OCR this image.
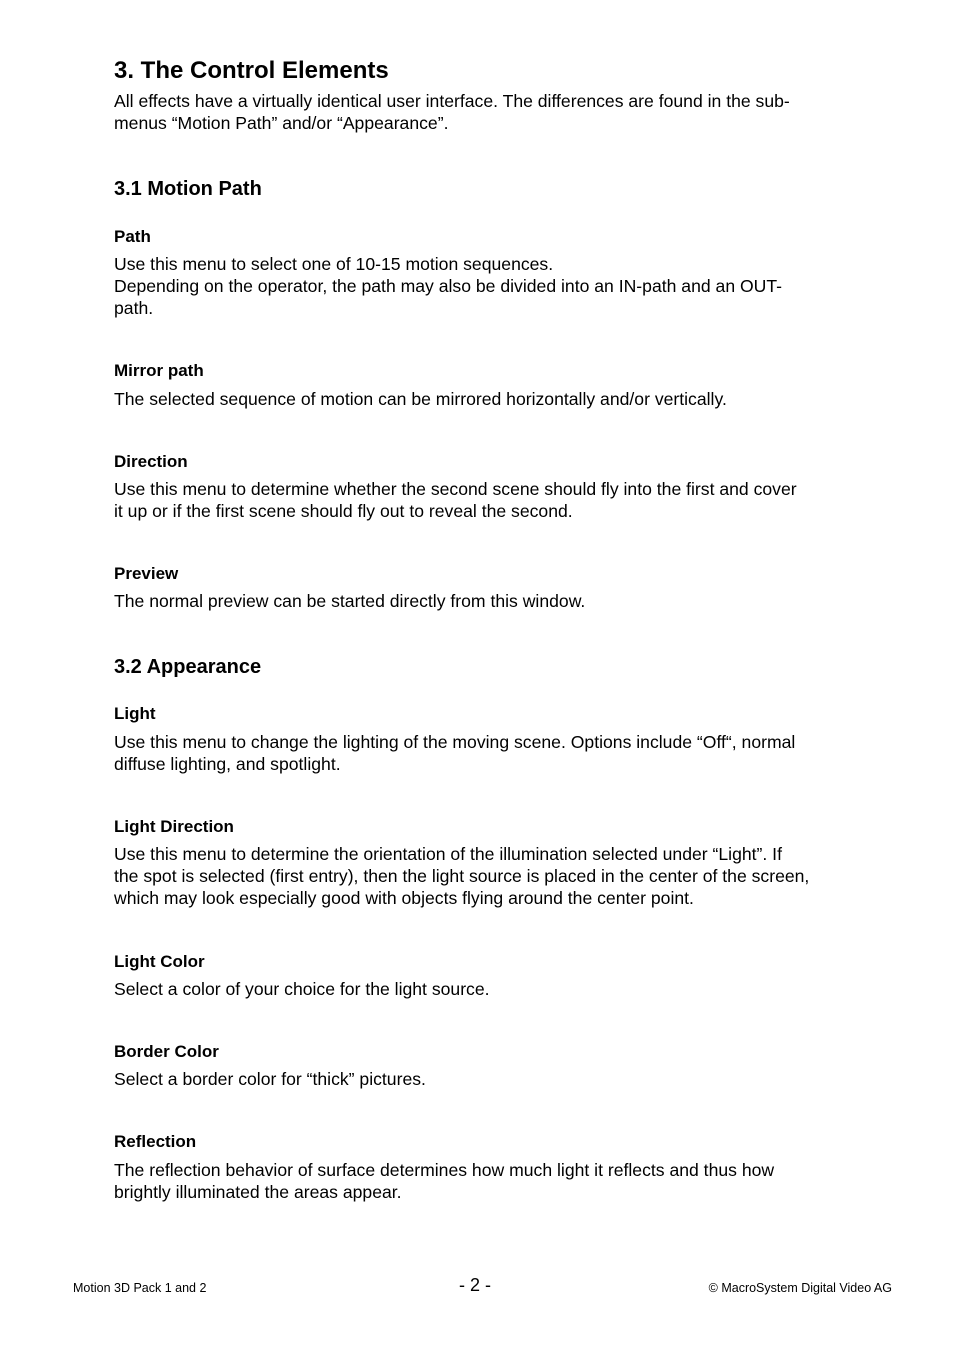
3. The Control Elements

All effects have a virtually identical user interface. The differences are found in the sub-

menus “Motion Path” and/or “Appearance”.

3.1 Motion Path
Path

Use this menu to select one of 10-15 motion sequences.

Depending on the operator, the path may also be divided into an IN-path and an OUT-

path.

Mirror path

The selected sequence of motion can be mirrored horizontally and/or vertically.

Direction

Use this menu to determine whether the second scene should fly into the first and cover

it up or if the first scene should fly out to reveal the second.

Preview

The normal preview can be started directly from this window.

3.2 Appearance
Light

Use this menu to change the lighting of the moving scene. Options include “Off“, normal

diffuse lighting, and spotlight.

Light Direction

Use this menu to determine the orientation of the illumination selected under “Light”. If

the spot is selected (first entry), then the light source is placed in the center of the screen,

which may look especially good with objects flying around the center point.

Light Color

Select a color of your choice for the light source.

Border Color

Select a border color for “thick” pictures.

Reflection

The reflection behavior of surface determines how much light it reflects and thus how

brightly illuminated the areas appear.

Motion 3D Pack 1 and 2	- 2 -	© MacroSystem Digital Video AG
